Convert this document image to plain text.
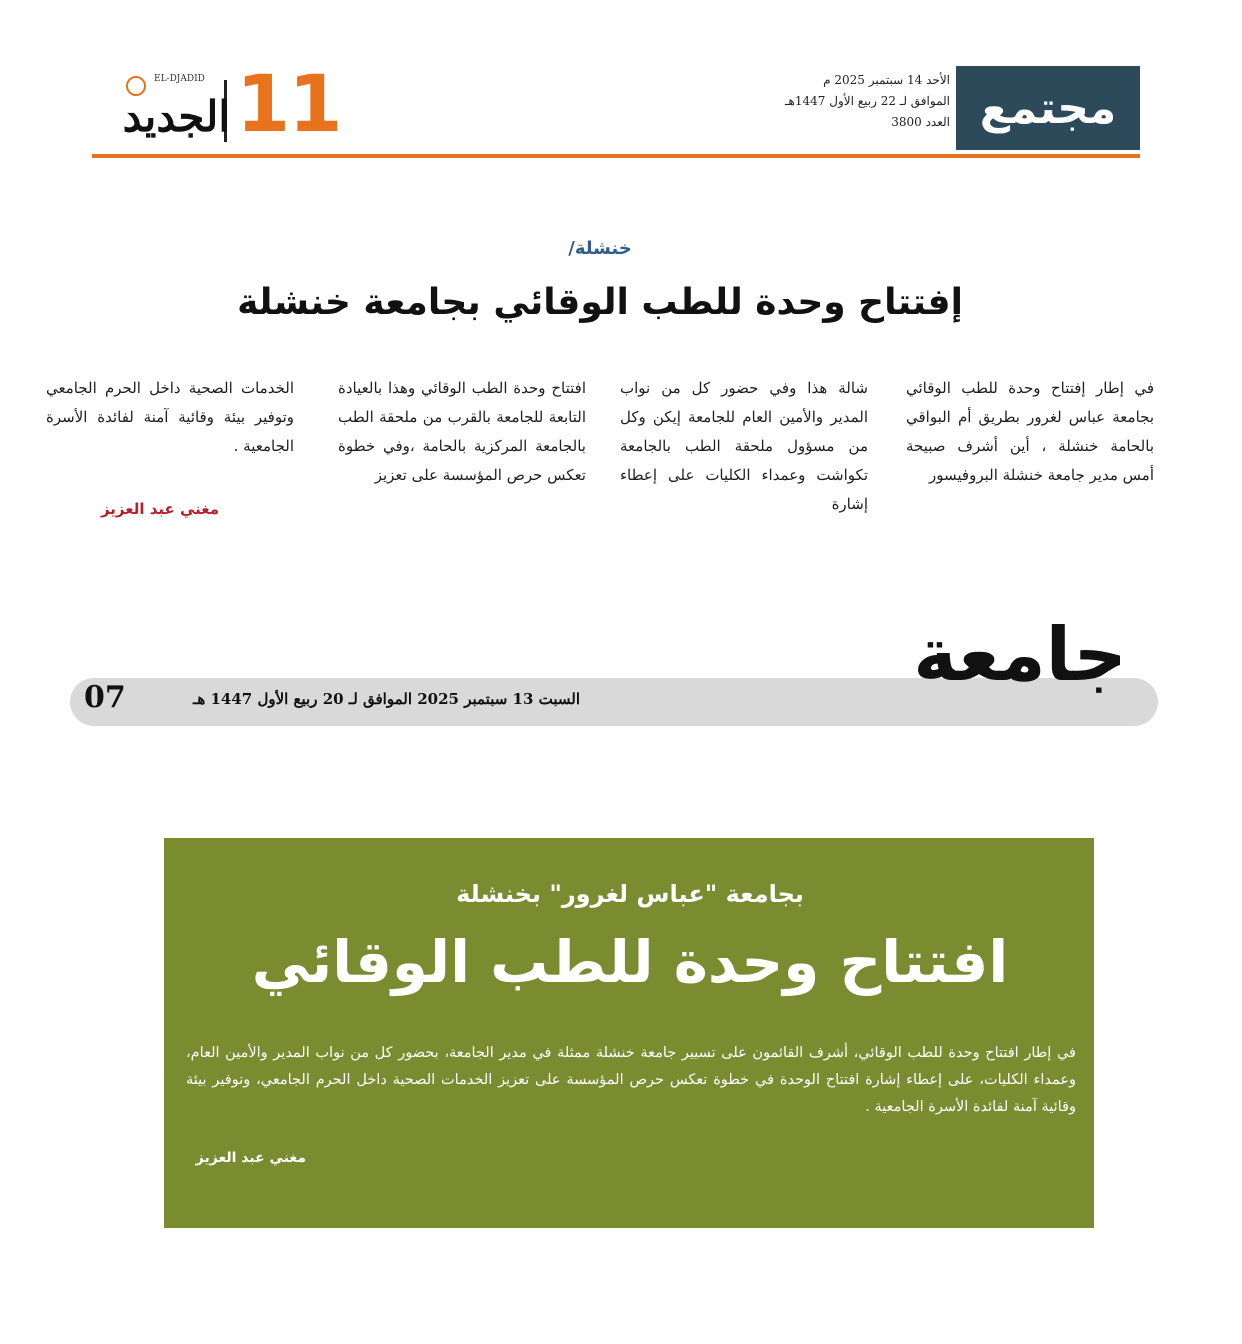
مجتمع
الأحد 14 سبتمبر 2025 م
الموافق لـ 22 ربيع الأول 1447هـ
العدد 3800
11
EL-DJADID
الجديد
خنشلة/
إفتتاح وحدة للطب الوقائي بجامعة خنشلة
في إطار إفتتاح وحدة للطب الوقائي بجامعة عباس لغرور بطريق أم البواقي بالحامة خنشلة ، أين أشرف صبيحة أمس مدير جامعة خنشلة البروفيسور
شالة هذا وفي حضور كل من نواب المدير والأمين العام للجامعة إيكن وكل من مسؤول ملحقة الطب بالجامعة تكواشت وعمداء الكليات على إعطاء إشارة
افتتاح وحدة الطب الوقائي وهذا بالعيادة التابعة للجامعة بالقرب من ملحقة الطب بالجامعة المركزية بالحامة ،وفي خطوة تعكس حرص المؤسسة على تعزيز
الخدمات الصحية داخل الحرم الجامعي وتوفير بيئة وقائية آمنة لفائدة الأسرة الجامعية .
مغني عبد العزيز
السبت 13 سبتمبر 2025 الموافق لـ 20 ربيع الأول 1447 هـ
07	جامعة
بجامعة "عباس لغرور" بخنشلة
افتتاح وحدة للطب الوقائي
في إطار افتتاح وحدة للطب الوقائي، أشرف القائمون على تسيير جامعة خنشلة ممثلة في مدير الجامعة، بحضور كل من نواب المدير والأمين العام، وعمداء الكليات، على إعطاء إشارة افتتاح الوحدة في خطوة تعكس حرص المؤسسة على تعزيز الخدمات الصحية داخل الحرم الجامعي، وتوفير بيئة وقائية آمنة لفائدة الأسرة الجامعية .
مغني عبد العزيز
